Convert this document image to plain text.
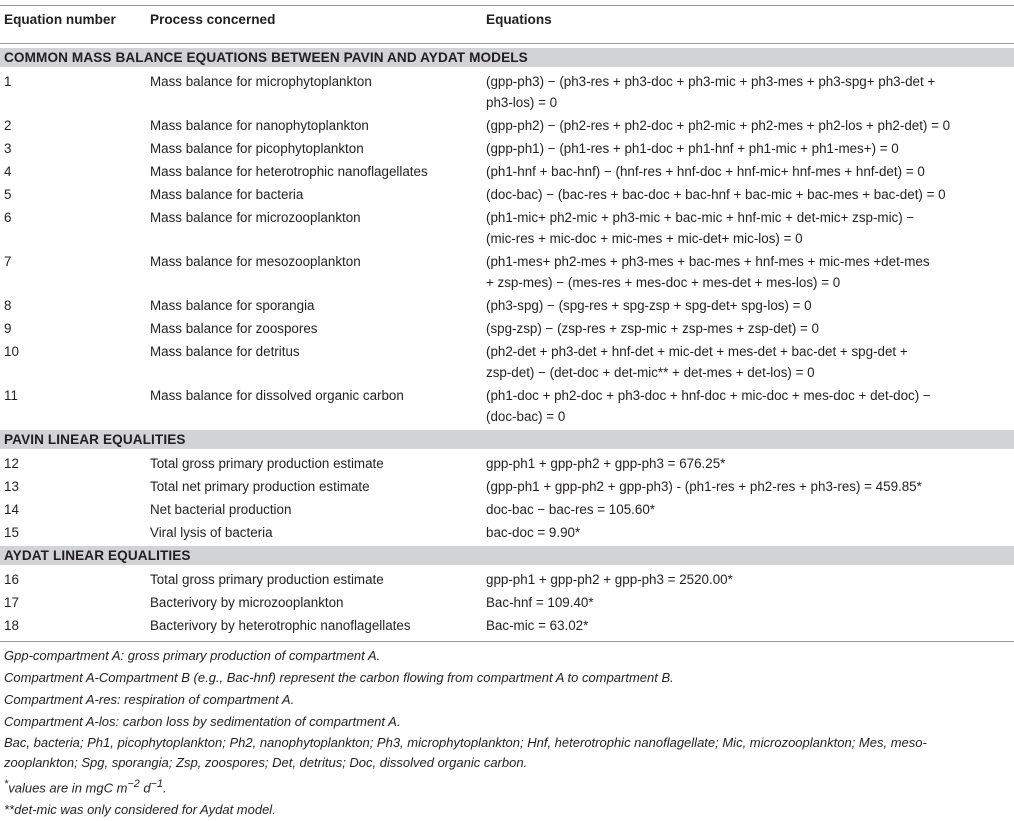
Equation number	Process concerned	Equations
COMMON MASS BALANCE EQUATIONS BETWEEN PAVIN AND AYDAT MODELS
1	Mass balance for microphytoplankton	(gpp-ph3) − (ph3-res + ph3-doc + ph3-mic + ph3-mes + ph3-spg+ ph3-det +
ph3-los) = 0
2	Mass balance for nanophytoplankton	(gpp-ph2) − (ph2-res + ph2-doc + ph2-mic + ph2-mes + ph2-los + ph2-det) = 0
3	Mass balance for picophytoplankton	(gpp-ph1) − (ph1-res + ph1-doc + ph1-hnf + ph1-mic + ph1-mes+) = 0
4	Mass balance for heterotrophic nanoflagellates	(ph1-hnf + bac-hnf) − (hnf-res + hnf-doc + hnf-mic+ hnf-mes + hnf-det) = 0
5	Mass balance for bacteria	(doc-bac) − (bac-res + bac-doc + bac-hnf + bac-mic + bac-mes + bac-det) = 0
6	Mass balance for microzooplankton	(ph1-mic+ ph2-mic + ph3-mic + bac-mic + hnf-mic + det-mic+ zsp-mic) −
(mic-res + mic-doc + mic-mes + mic-det+ mic-los) = 0
7	Mass balance for mesozooplankton	(ph1-mes+ ph2-mes + ph3-mes + bac-mes + hnf-mes + mic-mes +det-mes
+ zsp-mes) − (mes-res + mes-doc + mes-det + mes-los) = 0
8	Mass balance for sporangia	(ph3-spg) − (spg-res + spg-zsp + spg-det+ spg-los) = 0
9	Mass balance for zoospores	(spg-zsp) − (zsp-res + zsp-mic + zsp-mes + zsp-det) = 0
10	Mass balance for detritus	(ph2-det + ph3-det + hnf-det + mic-det + mes-det + bac-det + spg-det +
zsp-det) − (det-doc + det-mic** + det-mes + det-los) = 0
11	Mass balance for dissolved organic carbon	(ph1-doc + ph2-doc + ph3-doc + hnf-doc + mic-doc + mes-doc + det-doc) −
(doc-bac) = 0
PAVIN LINEAR EQUALITIES
12	Total gross primary production estimate	gpp-ph1 + gpp-ph2 + gpp-ph3 = 676.25*
13	Total net primary production estimate	(gpp-ph1 + gpp-ph2 + gpp-ph3) - (ph1-res + ph2-res + ph3-res) = 459.85*
14	Net bacterial production	doc-bac − bac-res = 105.60*
15	Viral lysis of bacteria	bac-doc = 9.90*
AYDAT LINEAR EQUALITIES
16	Total gross primary production estimate	gpp-ph1 + gpp-ph2 + gpp-ph3 = 2520.00*
17	Bacterivory by microzooplankton	Bac-hnf = 109.40*
18	Bacterivory by heterotrophic nanoflagellates	Bac-mic = 63.02*
Gpp-compartment A: gross primary production of compartment A.
Compartment A-Compartment B (e.g., Bac-hnf) represent the carbon flowing from compartment A to compartment B.
Compartment A-res: respiration of compartment A.
Compartment A-los: carbon loss by sedimentation of compartment A.
Bac, bacteria; Ph1, picophytoplankton; Ph2, nanophytoplankton; Ph3, microphytoplankton; Hnf, heterotrophic nanoflagellate; Mic, microzooplankton; Mes, meso-
zooplankton; Spg, sporangia; Zsp, zoospores; Det, detritus; Doc, dissolved organic carbon.
*values are in mgC $m^{-2}$ $d^{-1}$.
**det-mic was only considered for Aydat model.
